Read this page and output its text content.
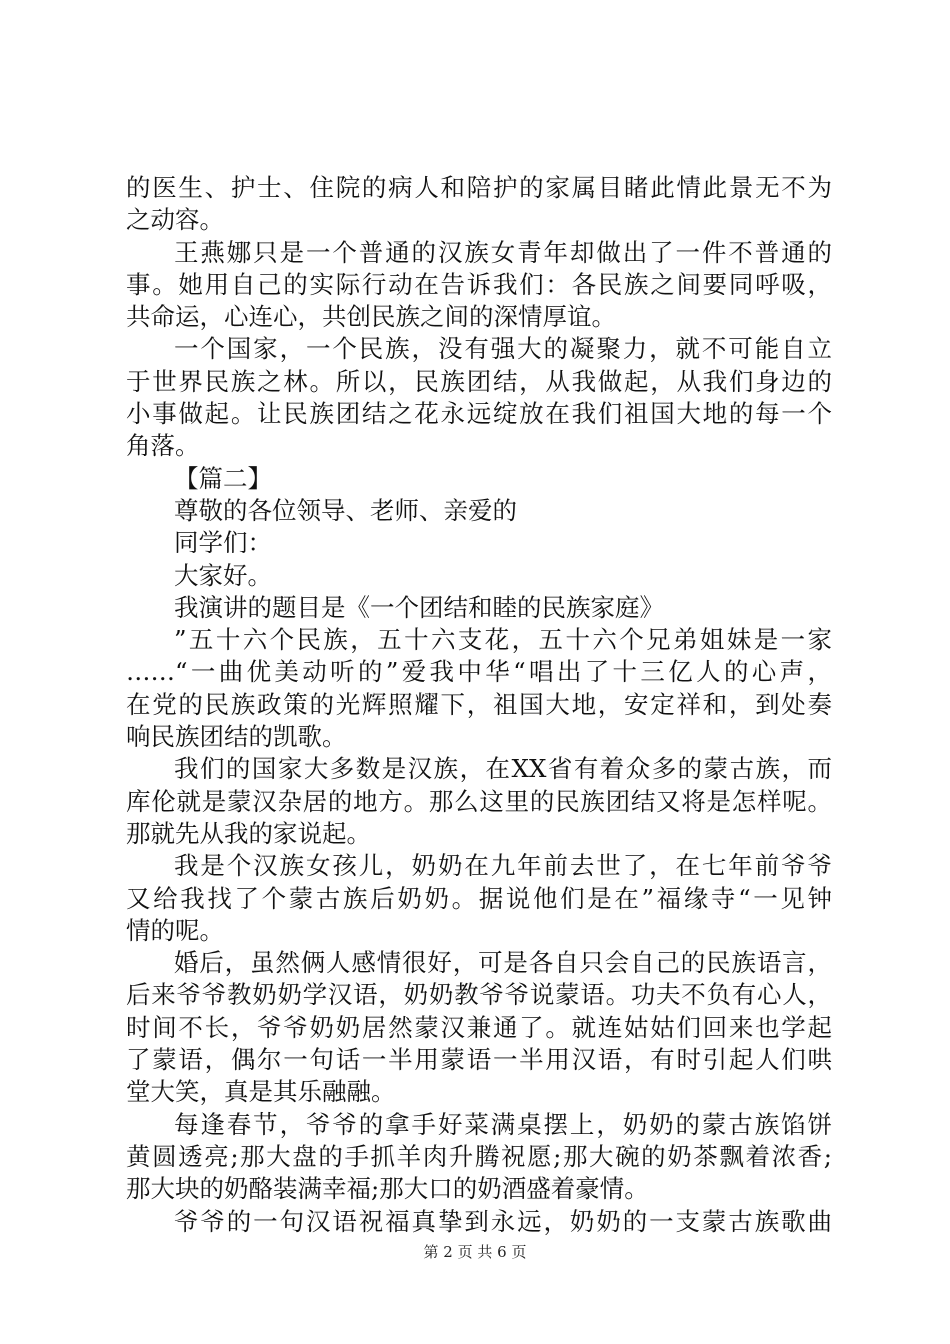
的医生、护士、住院的病人和陪护的家属目睹此情此景无不为
之动容。
王燕娜只是一个普通的汉族女青年却做出了一件不普通的
事。她用自己的实际行动在告诉我们：各民族之间要同呼吸，
共命运，心连心，共创民族之间的深情厚谊。
一个国家，一个民族，没有强大的凝聚力，就不可能自立
于世界民族之林。所以，民族团结，从我做起，从我们身边的
小事做起。让民族团结之花永远绽放在我们祖国大地的每一个
角落。
【篇二】
尊敬的各位领导、老师、亲爱的
同学们：
大家好。
我演讲的题目是《一个团结和睦的民族家庭》
”五十六个民族，五十六支花，五十六个兄弟姐妹是一家
……“一曲优美动听的”爱我中华“唱出了十三亿人的心声，
在党的民族政策的光辉照耀下，祖国大地，安定祥和，到处奏
响民族团结的凯歌。
我们的国家大多数是汉族，在XX省有着众多的蒙古族，而
库伦就是蒙汉杂居的地方。那么这里的民族团结又将是怎样呢。
那就先从我的家说起。
我是个汉族女孩儿，奶奶在九年前去世了，在七年前爷爷
又给我找了个蒙古族后奶奶。据说他们是在”福缘寺“一见钟
情的呢。
婚后，虽然俩人感情很好，可是各自只会自己的民族语言，
后来爷爷教奶奶学汉语，奶奶教爷爷说蒙语。功夫不负有心人，
时间不长，爷爷奶奶居然蒙汉兼通了。就连姑姑们回来也学起
了蒙语，偶尔一句话一半用蒙语一半用汉语，有时引起人们哄
堂大笑，真是其乐融融。
每逢春节，爷爷的拿手好菜满桌摆上，奶奶的蒙古族馅饼
黄圆透亮;那大盘的手抓羊肉升腾祝愿;那大碗的奶茶飘着浓香;
那大块的奶酪装满幸福;那大口的奶酒盛着豪情。
爷爷的一句汉语祝福真挚到永远，奶奶的一支蒙古族歌曲
第 2 页 共 6 页
